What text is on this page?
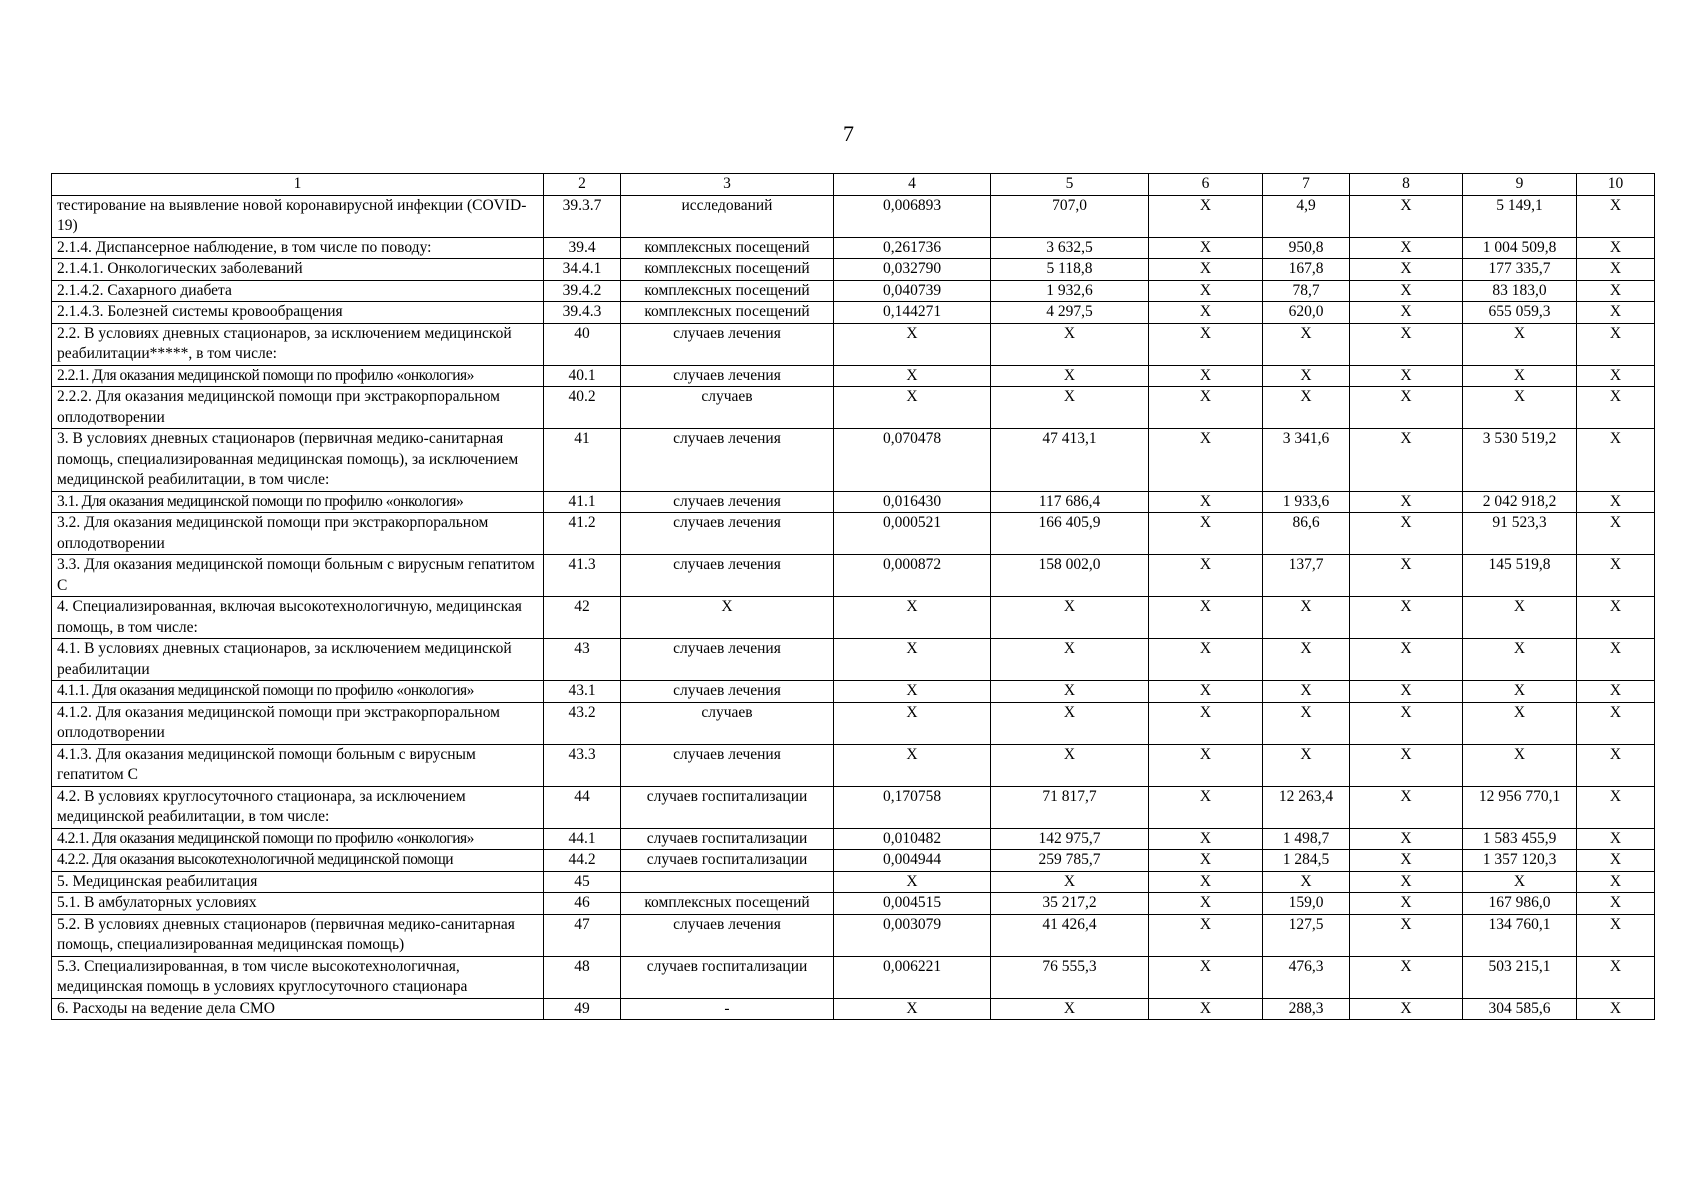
7
1	2	3	4	5	6	7	8	9	10
тестирование на выявление новой коронавирусной инфекции (COVID-19)	39.3.7	исследований	0,006893	707,0	Х	4,9	Х	5 149,1	Х
2.1.4. Диспансерное наблюдение, в том числе по поводу:	39.4	комплексных посещений	0,261736	3 632,5	Х	950,8	Х	1 004 509,8	Х
2.1.4.1. Онкологических заболеваний	34.4.1	комплексных посещений	0,032790	5 118,8	Х	167,8	Х	177 335,7	Х
2.1.4.2. Сахарного диабета	39.4.2	комплексных посещений	0,040739	1 932,6	Х	78,7	Х	83 183,0	Х
2.1.4.3. Болезней системы кровообращения	39.4.3	комплексных посещений	0,144271	4 297,5	Х	620,0	Х	655 059,3	Х
2.2. В условиях дневных стационаров, за исключением медицинской реабилитации*****, в том числе:	40	случаев лечения	Х	Х	Х	Х	Х	Х	Х
2.2.1. Для оказания медицинской помощи по профилю «онкология»	40.1	случаев лечения	Х	Х	Х	Х	Х	Х	Х
2.2.2. Для оказания медицинской помощи при экстракорпоральном оплодотворении	40.2	случаев	Х	Х	Х	Х	Х	Х	Х
3. В условиях дневных стационаров (первичная медико-санитарная помощь, специализированная медицинская помощь), за исключением медицинской реабилитации, в том числе:	41	случаев лечения	0,070478	47 413,1	Х	3 341,6	Х	3 530 519,2	Х
3.1. Для оказания медицинской помощи по профилю «онкология»	41.1	случаев лечения	0,016430	117 686,4	Х	1 933,6	Х	2 042 918,2	Х
3.2. Для оказания медицинской помощи при экстракорпоральном оплодотворении	41.2	случаев лечения	0,000521	166 405,9	Х	86,6	Х	91 523,3	Х
3.3. Для оказания медицинской помощи больным с вирусным гепатитом С	41.3	случаев лечения	0,000872	158 002,0	Х	137,7	Х	145 519,8	Х
4. Специализированная, включая высокотехнологичную, медицинская помощь, в том числе:	42	Х	Х	Х	Х	Х	Х	Х	Х
4.1. В условиях дневных стационаров, за исключением медицинской реабилитации	43	случаев лечения	Х	Х	Х	Х	Х	Х	Х
4.1.1. Для оказания медицинской помощи по профилю «онкология»	43.1	случаев лечения	Х	Х	Х	Х	Х	Х	Х
4.1.2. Для оказания медицинской помощи при экстракорпоральном оплодотворении	43.2	случаев	Х	Х	Х	Х	Х	Х	Х
4.1.3. Для оказания медицинской помощи больным с вирусным гепатитом С	43.3	случаев лечения	Х	Х	Х	Х	Х	Х	Х
4.2. В условиях круглосуточного стационара, за исключением медицинской реабилитации, в том числе:	44	случаев госпитализации	0,170758	71 817,7	Х	12 263,4	Х	12 956 770,1	Х
4.2.1. Для оказания медицинской помощи по профилю «онкология»	44.1	случаев госпитализации	0,010482	142 975,7	Х	1 498,7	Х	1 583 455,9	Х
4.2.2. Для оказания высокотехнологичной медицинской помощи	44.2	случаев госпитализации	0,004944	259 785,7	Х	1 284,5	Х	1 357 120,3	Х
5. Медицинская реабилитация	45		Х	Х	Х	Х	Х	Х	Х
5.1. В амбулаторных условиях	46	комплексных посещений	0,004515	35 217,2	Х	159,0	Х	167 986,0	Х
5.2. В условиях дневных стационаров (первичная медико-санитарная помощь, специализированная медицинская помощь)	47	случаев лечения	0,003079	41 426,4	Х	127,5	Х	134 760,1	Х
5.3. Специализированная, в том числе высокотехнологичная, медицинская помощь в условиях круглосуточного стационара	48	случаев госпитализации	0,006221	76 555,3	Х	476,3	Х	503 215,1	Х
6. Расходы на ведение дела СМО	49	-	Х	Х	Х	288,3	Х	304 585,6	Х
